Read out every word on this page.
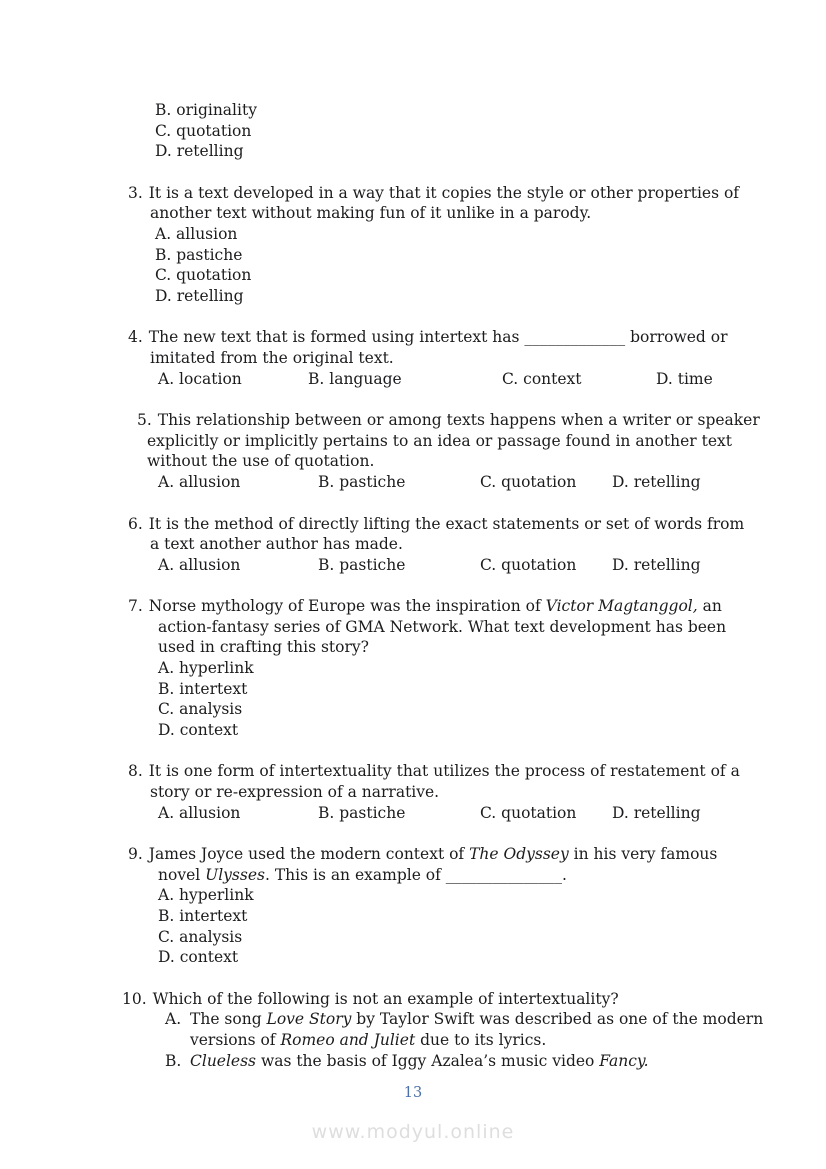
B. originality
C. quotation
D. retelling
3. It is a text developed in a way that it copies the style or other properties of
another text without making fun of it unlike in a parody.
A. allusion
B. pastiche
C. quotation
D. retelling
4. The new text that is formed using intertext has _____________ borrowed or
imitated from the original text.
A. location	B. language	C. context	D. time
5. This relationship between or among texts happens when a writer or speaker
explicitly or implicitly pertains to an idea or passage found in another text
without the use of quotation.
A. allusion	B. pastiche	C. quotation D. retelling
6. It is the method of directly lifting the exact statements or set of words from
a text another author has made.
A. allusion	B. pastiche	C. quotation D. retelling
7. Norse mythology of Europe was the inspiration of Victor Magtanggol, an
action-fantasy series of GMA Network. What text development has been
used in crafting this story?
A. hyperlink
B. intertext
C. analysis
D. context
8. It is one form of intertextuality that utilizes the process of restatement of a
story or re-expression of a narrative.
A. allusion	B. pastiche	C. quotation D. retelling
9. James Joyce used the modern context of The Odyssey in his very famous
novel Ulysses. This is an example of _______________.
A. hyperlink
B. intertext
C. analysis
D. context
10. Which of the following is not an example of intertextuality?
A. The song Love Story by Taylor Swift was described as one of the modern
versions of Romeo and Juliet due to its lyrics.
B. Clueless was the basis of Iggy Azalea’s music video Fancy.
13
www.modyul.online
